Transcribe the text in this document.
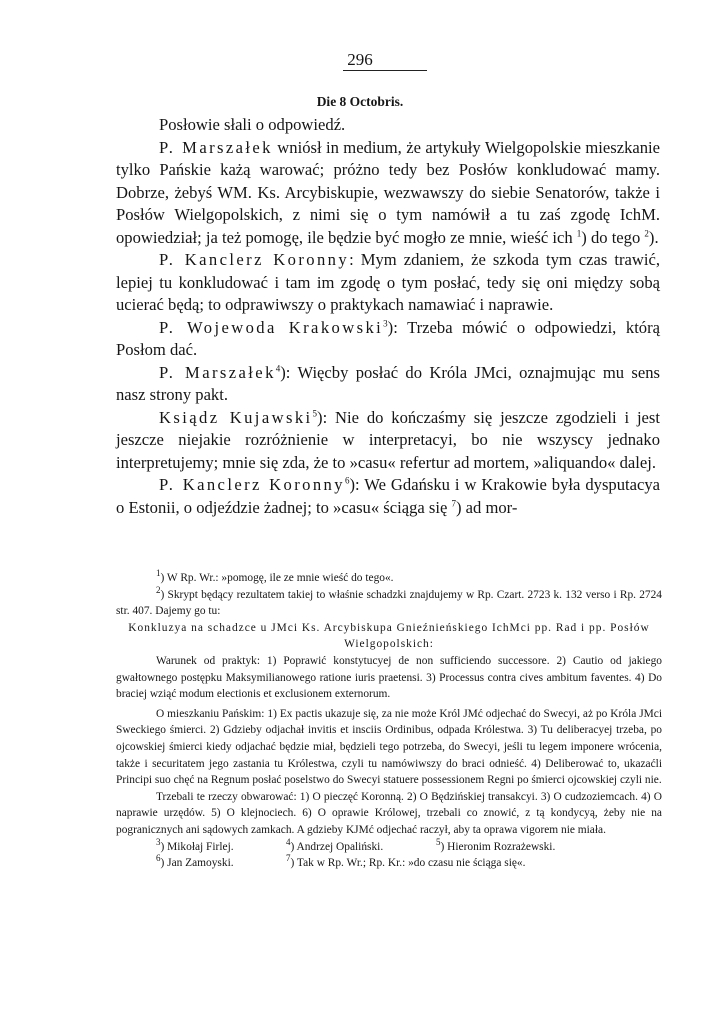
296
Die 8 Octobris.

Posłowie słali o odpowiedź.

P. Marszałek wniósł in medium, że artykuły Wielgopolskie mieszkanie tylko Pańskie każą warować; próżno tedy bez Posłów konkludować mamy. Dobrze, żebyś WM. Ks. Arcybiskupie, wezwawszy do siebie Senatorów, także i Posłów Wielgopolskich, z nimi się o tym namówił a tu zaś zgodę IchM. opowiedział; ja też pomogę, ile będzie być mogło ze mnie, wieść ich $^1$) do tego $^2$).

P. Kanclerz Koronny: Mym zdaniem, że szkoda tym czas trawić, lepiej tu konkludować i tam im zgodę o tym posłać, tedy się oni między sobą ucierać będą; to odprawiwszy o praktykach namawiać i naprawie.

P. Wojewoda Krakowski$^3$): Trzeba mówić o odpowiedzi, którą Posłom dać.

P. Marszałek$^4$): Więcby posłać do Króla JMci, oznajmując mu sens nasz strony pakt.

Ksiądz Kujawski$^5$): Nie do kończaśmy się jeszcze zgodzieli i jest jeszcze niejakie rozróżnienie w interpretacyi, bo nie wszyscy jednako interpretujemy; mnie się zda, że to »casu« refertur ad mortem, »aliquando« dalej.

P. Kanclerz Koronny$^6$): We Gdańsku i w Krakowie była dysputacya o Estonii, o odjeździe żadnej; to »casu« ściąga się $^7$) ad mor-

$^1$) W Rp. Wr.: »pomogę, ile ze mnie wieść do tego«.

$^2$) Skrypt będący rezultatem takiej to właśnie schadzki znajdujemy w Rp. Czart. 2723 k. 132 verso i Rp. 2724 str. 407. Dajemy go tu:

Konkluzya na schadzce u JMci Ks. Arcybiskupa Gnieźnieńskiego IchMci pp. Rad i pp. Posłów Wielgopolskich:

Warunek od praktyk: 1) Poprawić konstytucyej de non sufficiendo successore. 2) Cautio od jakiego gwałtownego postępku Maksymilianowego ratione iuris praetensi. 3) Processus contra cives ambitum faventes. 4) Do braciej wziąć modum electionis et exclusionem externorum.

O mieszkaniu Pańskim: 1) Ex pactis ukazuje się, za nie może Król JMć odjechać do Swecyi, aż po Króla JMci Sweckiego śmierci. 2) Gdzieby odjachał invitis et insciis Ordinibus, odpada Królestwa. 3) Tu deliberacyej trzeba, po ojcowskiej śmierci kiedy odjachać będzie miał, będzieli tego potrzeba, do Swecyi, jeśli tu legem imponere wrócenia, także i securitatem jego zastania tu Królestwa, czyli tu namówiwszy do braci odnieść. 4) Deliberować to, ukazaćli Principi suo chęć na Regnum posłać poselstwo do Swecyi statuere possessionem Regni po śmierci ojcowskiej czyli nie.

Trzebali te rzeczy obwarować: 1) O pieczęć Koronną. 2) O Będzińskiej transakcyi. 3) O cudzoziemcach. 4) O naprawie urzędów. 5) O klejnociech. 6) O oprawie Królowej, trzebali co znowić, z tą kondycyą, żeby nie na pogranicznych ani sądowych zamkach. A gdzieby KJMć odjechać raczył, aby ta oprawa vigorem nie miała.

$^3$) Mikołaj Firlej.	$^4$) Andrzej Opaliński.	$^5$) Hieronim Rozrażewski.

$^6$) Jan Zamoyski.	$^7$) Tak w Rp. Wr.; Rp. Kr.: »do czasu nie ściąga się«.
